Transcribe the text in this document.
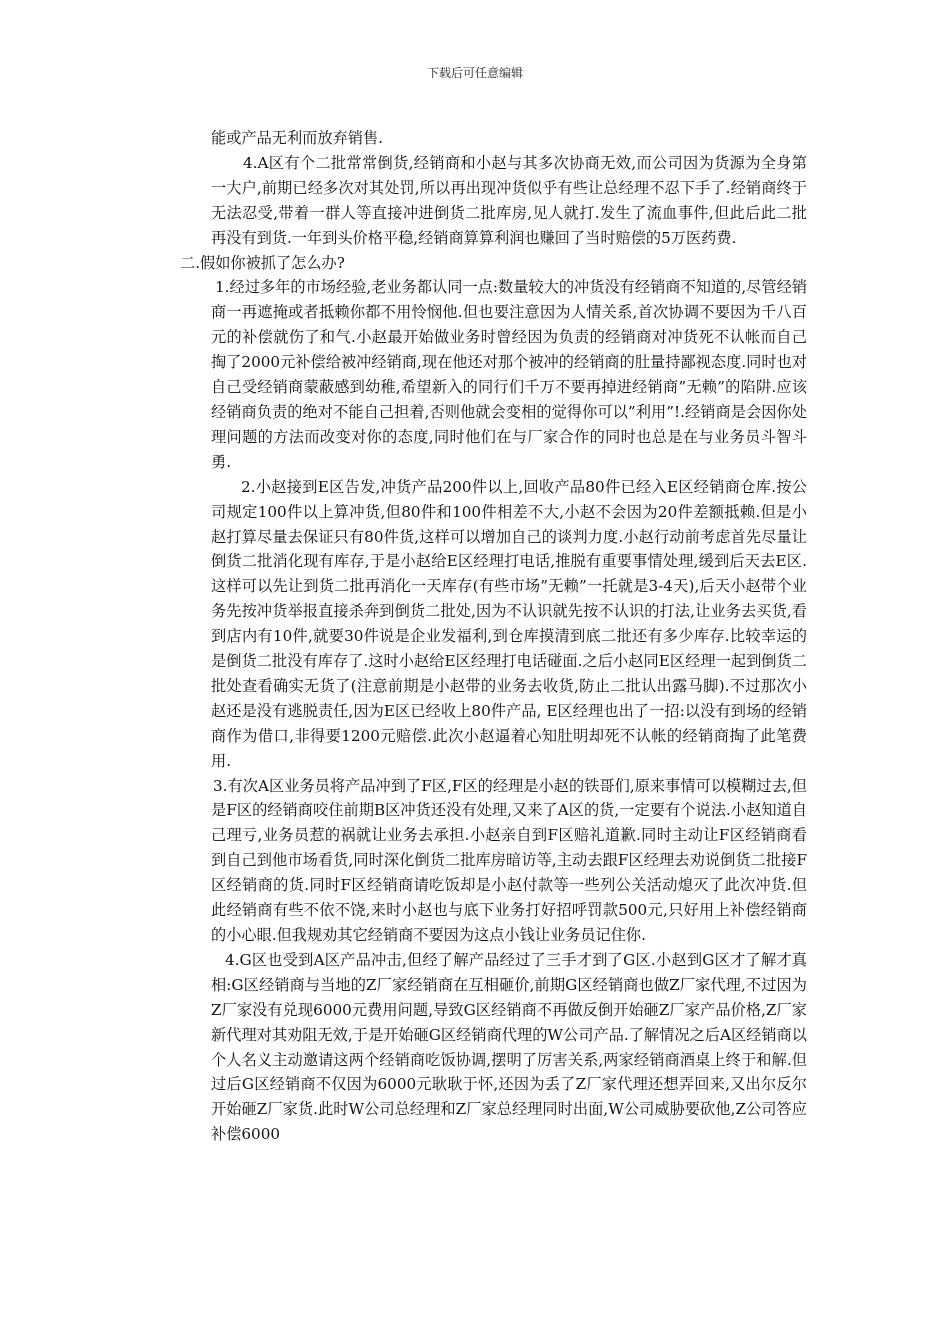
下载后可任意编辑

能或产品无利而放弃销售.

4.A区有个二批常常倒货,经销商和小赵与其多次协商无效,而公司因为货源为全身第一大户,前期已经多次对其处罚,所以再出现冲货似乎有些让总经理不忍下手了.经销商终于无法忍受,带着一群人等直接冲进倒货二批库房,见人就打.发生了流血事件,但此后此二批再没有到货.一年到头价格平稳,经销商算算利润也赚回了当时赔偿的5万医药费.

二.假如你被抓了怎么办?

1.经过多年的市场经验,老业务都认同一点:数量较大的冲货没有经销商不知道的,尽管经销商一再遮掩或者抵赖你都不用怜悯他.但也要注意因为人情关系,首次协调不要因为千八百元的补偿就伤了和气.小赵最开始做业务时曾经因为负责的经销商对冲货死不认帐而自己掏了2000元补偿给被冲经销商,现在他还对那个被冲的经销商的肚量持鄙视态度.同时也对自己受经销商蒙蔽感到幼稚,希望新入的同行们千万不要再掉进经销商”无赖”的陷阱.应该经销商负责的绝对不能自己担着,否则他就会变相的觉得你可以”利用”!.经销商是会因你处理问题的方法而改变对你的态度,同时他们在与厂家合作的同时也总是在与业务员斗智斗勇.

2.小赵接到E区告发,冲货产品200件以上,回收产品80件已经入E区经销商仓库.按公司规定100件以上算冲货,但80件和100件相差不大,小赵不会因为20件差额抵赖.但是小赵打算尽量去保证只有80件货,这样可以增加自己的谈判力度.小赵行动前考虑首先尽量让倒货二批消化现有库存,于是小赵给E区经理打电话,推脱有重要事情处理,缓到后天去E区.这样可以先让到货二批再消化一天库存(有些市场”无赖”一托就是3-4天),后天小赵带个业务先按冲货举报直接杀奔到倒货二批处,因为不认识就先按不认识的打法,让业务去买货,看到店内有10件,就要30件说是企业发福利,到仓库摸清到底二批还有多少库存.比较幸运的是倒货二批没有库存了.这时小赵给E区经理打电话碰面.之后小赵同E区经理一起到倒货二批处查看确实无货了(注意前期是小赵带的业务去收货,防止二批认出露马脚).不过那次小赵还是没有逃脱责任,因为E区已经收上80件产品, E区经理也出了一招:以没有到场的经销商作为借口,非得要1200元赔偿.此次小赵逼着心知肚明却死不认帐的经销商掏了此笔费用.

3.有次A区业务员将产品冲到了F区,F区的经理是小赵的铁哥们,原来事情可以模糊过去,但是F区的经销商咬住前期B区冲货还没有处理,又来了A区的货,一定要有个说法.小赵知道自己理亏,业务员惹的祸就让业务去承担.小赵亲自到F区赔礼道歉.同时主动让F区经销商看到自己到他市场看货,同时深化倒货二批库房暗访等,主动去跟F区经理去劝说倒货二批接F区经销商的货.同时F区经销商请吃饭却是小赵付款等一些列公关活动熄灭了此次冲货.但此经销商有些不依不饶,来时小赵也与底下业务打好招呼罚款500元,只好用上补偿经销商的小心眼.但我规劝其它经销商不要因为这点小钱让业务员记住你.

4.G区也受到A区产品冲击,但经了解产品经过了三手才到了G区.小赵到G区才了解才真相:G区经销商与当地的Z厂家经销商在互相砸价,前期G区经销商也做Z厂家代理,不过因为Z厂家没有兑现6000元费用问题,导致G区经销商不再做反倒开始砸Z厂家产品价格,Z厂家新代理对其劝阻无效,于是开始砸G区经销商代理的W公司产品.了解情况之后A区经销商以个人名义主动邀请这两个经销商吃饭协调,摆明了厉害关系,两家经销商酒桌上终于和解.但过后G区经销商不仅因为6000元耿耿于怀,还因为丢了Z厂家代理还想弄回来,又出尔反尔开始砸Z厂家货.此时W公司总经理和Z厂家总经理同时出面,W公司威胁要砍他,Z公司答应补偿6000
